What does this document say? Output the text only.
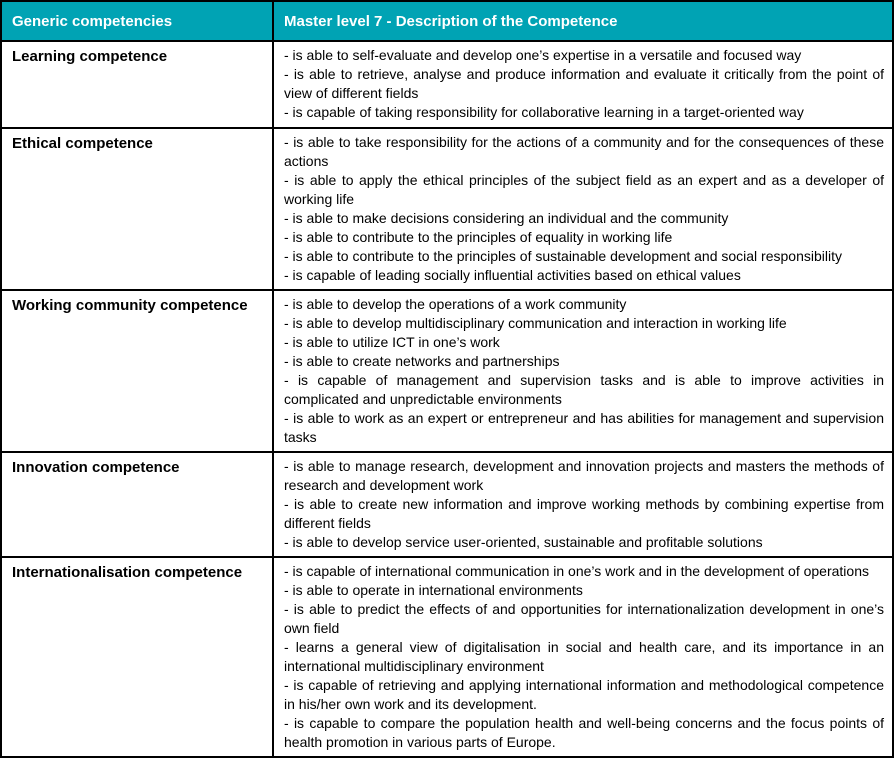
Generic competencies	Master level 7 - Description of the Competence
Learning competence	- is able to self-evaluate and develop one’s expertise in a versatile and focused way
- is able to retrieve, analyse and produce information and evaluate it critically from the point of view of different fields
- is capable of taking responsibility for collaborative learning in a target-oriented way

Ethical competence	- is able to take responsibility for the actions of a community and for the consequences of these actions
- is able to apply the ethical principles of the subject field as an expert and as a developer of working life
- is able to make decisions considering an individual and the community
- is able to contribute to the principles of equality in working life
- is able to contribute to the principles of sustainable development and social responsibility
- is capable of leading socially influential activities based on ethical values

Working community competence	- is able to develop the operations of a work community
- is able to develop multidisciplinary communication and interaction in working life
- is able to utilize ICT in one’s work
- is able to create networks and partnerships
- is capable of management and supervision tasks and is able to improve activities in complicated and unpredictable environments
- is able to work as an expert or entrepreneur and has abilities for management and supervision tasks

Innovation competence	- is able to manage research, development and innovation projects and masters the methods of research and development work
- is able to create new information and improve working methods by combining expertise from different fields
- is able to develop service user-oriented, sustainable and profitable solutions

Internationalisation competence	- is capable of international communication in one’s work and in the development of operations
- is able to operate in international environments
- is able to predict the effects of and opportunities for internationalization development in one’s own field
- learns a general view of digitalisation in social and health care, and its importance in an international multidisciplinary environment
- is capable of retrieving and applying international information and methodological competence in his/her own work and its development.
- is capable to compare the population health and well-being concerns and the focus points of health promotion in various parts of Europe.
